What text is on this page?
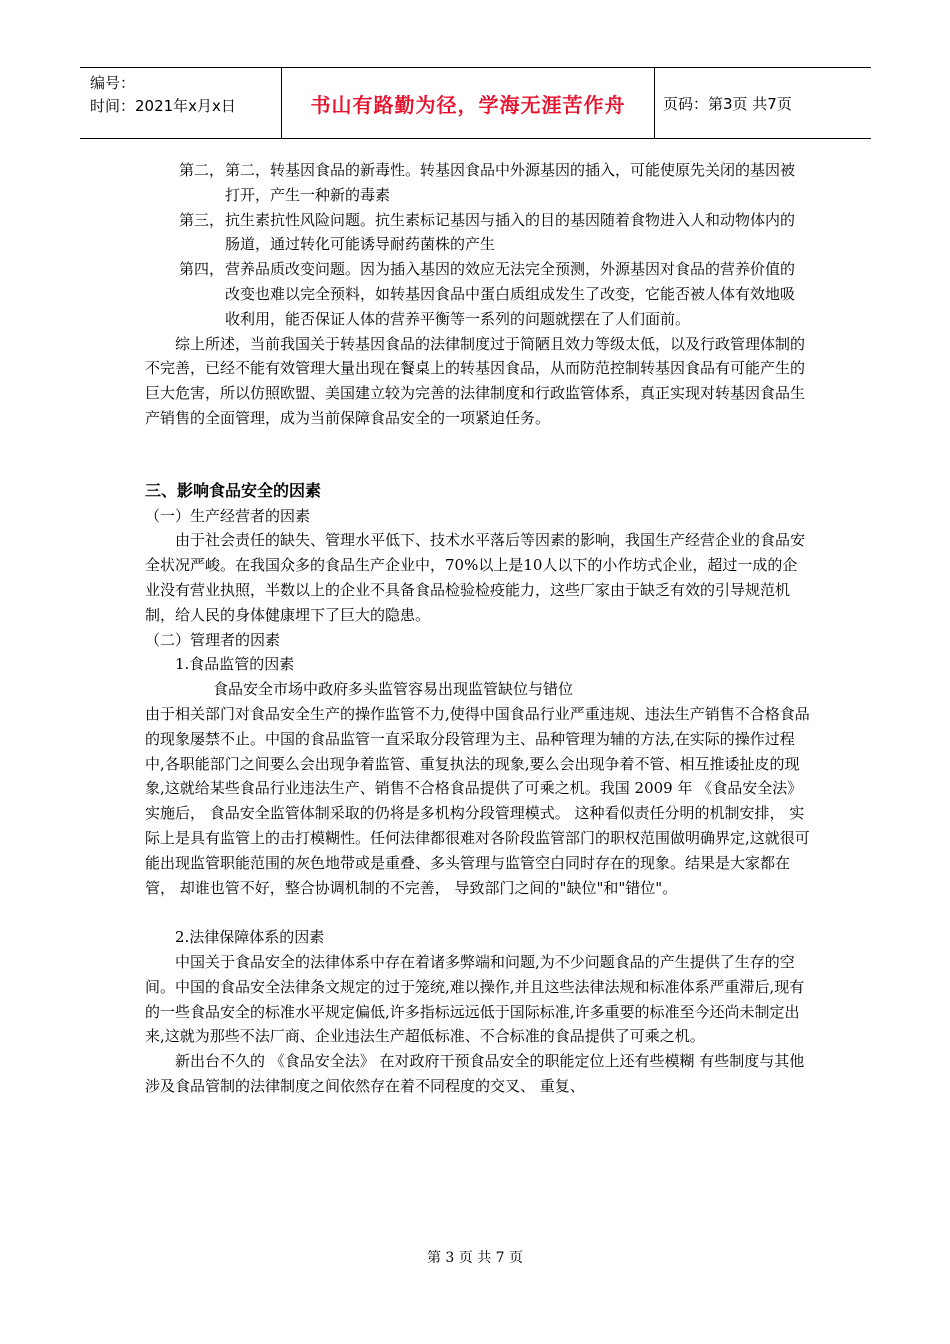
编号：
时间：2021年x月x日	书山有路勤为径，学海无涯苦作舟	页码：第3页 共7页
第二， 第二，转基因食品的新毒性。转基因食品中外源基因的插入，可能使原先关闭的基因被打开，产生一种新的毒素
第三， 抗生素抗性风险问题。抗生素标记基因与插入的目的基因随着食物进入人和动物体内的肠道，通过转化可能诱导耐药菌株的产生
第四， 营养品质改变问题。因为插入基因的效应无法完全预测，外源基因对食品的营养价值的改变也难以完全预料，如转基因食品中蛋白质组成发生了改变，它能否被人体有效地吸收利用，能否保证人体的营养平衡等一系列的问题就摆在了人们面前。

综上所述，当前我国关于转基因食品的法律制度过于简陋且效力等级太低，以及行政管理体制的不完善，已经不能有效管理大量出现在餐桌上的转基因食品，从而防范控制转基因食品有可能产生的巨大危害，所以仿照欧盟、美国建立较为完善的法律制度和行政监管体系，真正实现对转基因食品生产销售的全面管理，成为当前保障食品安全的一项紧迫任务。

三、影响食品安全的因素

（一）生产经营者的因素

由于社会责任的缺失、管理水平低下、技术水平落后等因素的影响，我国生产经营企业的食品安全状况严峻。在我国众多的食品生产企业中，70%以上是10人以下的小作坊式企业，超过一成的企业没有营业执照，半数以上的企业不具备食品检验检疫能力，这些厂家由于缺乏有效的引导规范机制，给人民的身体健康埋下了巨大的隐患。

（二）管理者的因素

1.食品监管的因素

食品安全市场中政府多头监管容易出现监管缺位与错位

由于相关部门对食品安全生产的操作监管不力,使得中国食品行业严重违规、违法生产销售不合格食品的现象屡禁不止。中国的食品监管一直采取分段管理为主、品种管理为辅的方法,在实际的操作过程中,各职能部门之间要么会出现争着监管、重复执法的现象,要么会出现争着不管、相互推诿扯皮的现象,这就给某些食品行业违法生产、销售不合格食品提供了可乘之机。我国 2009 年 《食品安全法》 实施后， 食品安全监管体制采取的仍将是多机构分段管理模式。 这种看似责任分明的机制安排， 实际上是具有监管上的击打模糊性。任何法律都很难对各阶段监管部门的职权范围做明确界定,这就很可能出现监管职能范围的灰色地带或是重叠、多头管理与监管空白同时存在的现象。结果是大家都在管， 却谁也管不好，整合协调机制的不完善， 导致部门之间的"缺位"和"错位"。

2.法律保障体系的因素

中国关于食品安全的法律体系中存在着诸多弊端和问题,为不少问题食品的产生提供了生存的空间。中国的食品安全法律条文规定的过于笼统,难以操作,并且这些法律法规和标准体系严重滞后,现有的一些食品安全的标准水平规定偏低,许多指标远远低于国际标准,许多重要的标准至今还尚未制定出来,这就为那些不法厂商、企业违法生产超低标准、不合标准的食品提供了可乘之机。

新出台不久的 《食品安全法》 在对政府干预食品安全的职能定位上还有些模糊 有些制度与其他涉及食品管制的法律制度之间依然存在着不同程度的交叉、 重复、

第 3 页 共 7 页
